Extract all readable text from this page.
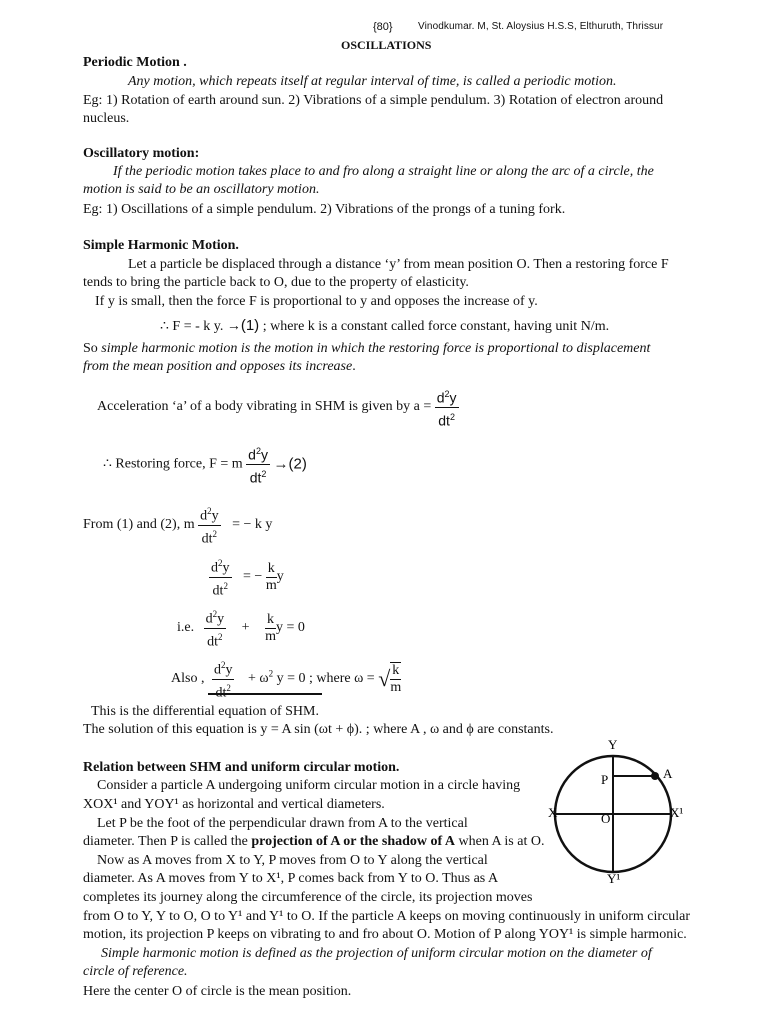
{80}	Vinodkumar. M, St. Aloysius H.S.S, Elthuruth, Thrissur
OSCILLATIONS
Periodic Motion .
Any motion, which repeats itself at regular interval of time, is called a periodic motion.
Eg: 1) Rotation of earth around sun. 2) Vibrations of a simple pendulum. 3) Rotation of electron around
nucleus.
Oscillatory motion:
If the periodic motion takes place to and fro along a straight line or along the arc of a circle, the
motion is said to be an oscillatory motion.
Eg: 1) Oscillations of a simple pendulum. 2) Vibrations of the prongs of a tuning fork.
Simple Harmonic Motion.
Let a particle be displaced through a distance ‘y’ from mean position O. Then a restoring force F
tends to bring the particle back to O, due to the property of elasticity.
If y is small, then the force F is proportional to y and opposes the increase of y.
∴ F = - k y. →(1) ; where k is a constant called force constant, having unit N/m.
So simple harmonic motion is the motion in which the restoring force is proportional to displacement
from the mean position and opposes its increase.
Acceleration ‘a’ of a body vibrating in SHM is given by $a = \frac{d^2y}{dt^2}$
∴ Restoring force, F = m $\frac{d^2y}{dt^2} \to(2)$
From (1) and (2), m $\frac{d^2y}{dt^2}$ = − k y
$\frac{d^2y}{dt^2}$ = − $\frac{k}{m}$ y
i.e. $\frac{d^2y}{dt^2} + \frac{k}{m}$ y = 0
Also , $\frac{d^2y}{dt^2} + \omega^2$ y = 0 ; where ω = √ $\frac{k}{m}$
This is the differential equation of SHM.
The solution of this equation is y = A sin (ωt + ϕ). ; where A , ω and ϕ are constants.
Relation between SHM and uniform circular motion.
Consider a particle A undergoing uniform circular motion in a circle having
XOX¹ and YOY¹ as horizontal and vertical diameters.
Let P be the foot of the perpendicular drawn from A to the vertical
diameter. Then P is called the projection of A or the shadow of A when A is at O.
Now as A moves from X to Y, P moves from O to Y along the vertical
diameter. As A moves from Y to X¹, P comes back from Y to O. Thus as A
completes its journey along the circumference of the circle, its projection moves
from O to Y, Y to O, O to Y¹ and Y¹ to O. If the particle A keeps on moving continuously in uniform circular
motion, its projection P keeps on vibrating to and fro about O. Motion of P along YOY¹ is simple harmonic.
Simple harmonic motion is defined as the projection of uniform circular motion on the diameter of
circle of reference.
Here the center O of circle is the mean position.
Y
Y¹
X	X¹
O
P	A
